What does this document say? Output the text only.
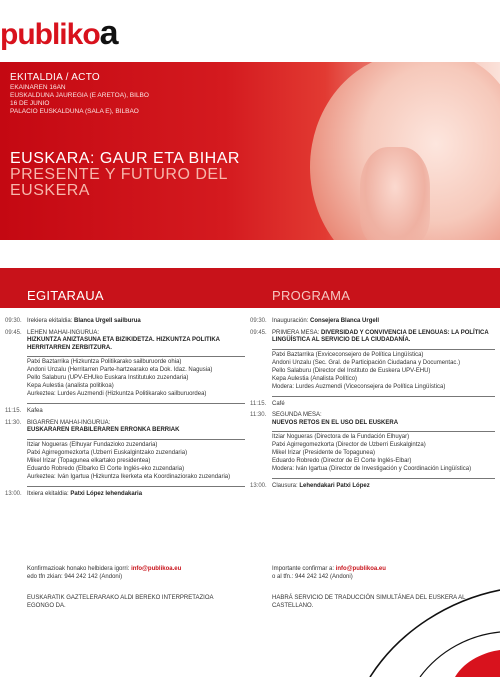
publikoa
EKITALDIA / ACTO
EKAINAREN 16AN
EUSKALDUNA JAUREGIA (E ARETOA), BILBO
16 DE JUNIO
PALACIO EUSKALDUNA (SALA E), BILBAO
EUSKARA: GAUR ETA BIHAR
PRESENTE Y FUTURO DEL
EUSKERA
EGITARAUA	PROGRAMA
09:30. Irekiera ekitaldia: Blanca Urgell sailburua
09:45. LEHEN MAHAI-INGURUA:
HIZKUNTZA ANIZTASUNA ETA BIZIKIDETZA. HIZKUNTZA POLITIKA HERRITARREN ZERBITZURA.
Patxi Baztarrika (Hizkuntza Politikarako sailburuorde ohia)
Andoni Unzalu (Herritarren Parte-hartzearako eta Dok. Idaz. Nagusia)
Pello Salaburu (UPV-EHUko Euskara Institutuko zuzendaria)
Kepa Aulestia (analista politikoa)
Aurkeztea: Lurdes Auzmendi (Hizkuntza Politikarako sailburuordea)
11:15. Kafea
11:30. BIGARREN MAHAI-INGURUA:
EUSKARAREN ERABILERAREN ERRONKA BERRIAK
Itziar Nogueras (Elhuyar Fundazioko zuzendaria)
Patxi Agirregomezkorta (Uzberri Euskalgintzako zuzendaria)
Mikel Irizar (Topagunea elkartako presidentea)
Eduardo Robredo (Elbarko El Corte Inglés-eko zuzendaria)
Aurkeztea: Iván Igartua (Hizkuntza Ikerketa eta Koordinaziorako zuzendaria)
13:00. Itxiera ekitaldia: Patxi López lehendakaria
09:30. Inauguración: Consejera Blanca Urgell
09:45. PRIMERA MESA: DIVERSIDAD Y CONVIVENCIA DE LENGUAS: LA POLÍTICA LINGÜÍSTICA AL SERVICIO DE LA CIUDADANÍA.
Patxi Baztarrika (Exviceconsejero de Política Lingüística)
Andoni Unzalu (Sec. Gral. de Participación Ciudadana y Documentac.)
Pello Salaburu (Director del Instituto de Euskera UPV-EHU)
Kepa Aulestia (Analista Político)
Modera: Lurdes Auzmendi (Viceconsejera de Política Lingüística)
11:15. Café
11:30. SEGUNDA MESA:
NUEVOS RETOS EN EL USO DEL EUSKERA
Itziar Nogueras (Directora de la Fundación Elhuyar)
Patxi Agirregomezkorta (Director de Uzberri Euskalgintza)
Mikel Irizar (Presidente de Topagunea)
Eduardo Robredo (Director de El Corte Inglés-Elbar)
Modera: Iván Igartua (Director de Investigación y Coordinación Lingüística)
13:00. Clausura: Lehendakari Patxi López
Konfirmazioak honako helbidera igorri: info@publikoa.eu
edo tfn zkian: 944 242 142 (Andoni)
EUSKARATIK GAZTELERARAKO ALDI BEREKO INTERPRETAZIOA EGONGO DA.
Importante confirmar a: info@publikoa.eu
o al tfn.: 944 242 142 (Andoni)
HABRÁ SERVICIO DE TRADUCCIÓN SIMULTÁNEA DEL EUSKERA AL CASTELLANO.
